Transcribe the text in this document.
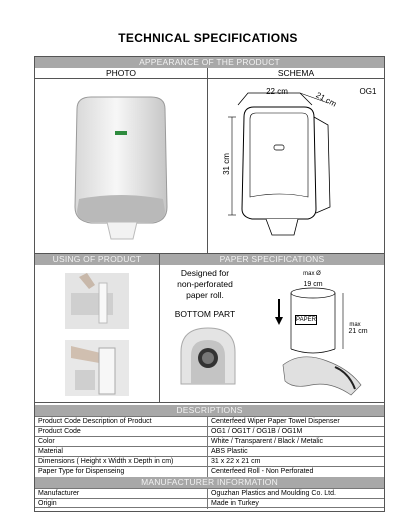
TECHNICAL SPECIFICATIONS
APPEARANCE OF THE PRODUCT
PHOTO	SCHEMA
OG1
22 cm	21 cm
31 cm
USING OF PRODUCT	PAPER SPECIFICATIONS
Designed for
non-perforated
paper roll.
BOTTOM PART
PAPER
max Ø
19 cm
max
21 cm
DESCRIPTIONS
Product Code Description of Product	Centerfeed Wiper Paper Towel Dispenser
Product Code	OG1 / OG1T / OG1B / OG1M
Color	White / Transparent / Black / Metalic
Material	ABS Plastic
Dimensions ( Height x Width x Depth in cm)	31 x 22 x 21 cm
Paper Type for Dispenseing	Centerfeed Roll - Non Perforated
MANUFACTURER INFORMATION
Manufacturer	Oguzhan Plastics and Moulding Co. Ltd.
Origin	Made in Turkey
